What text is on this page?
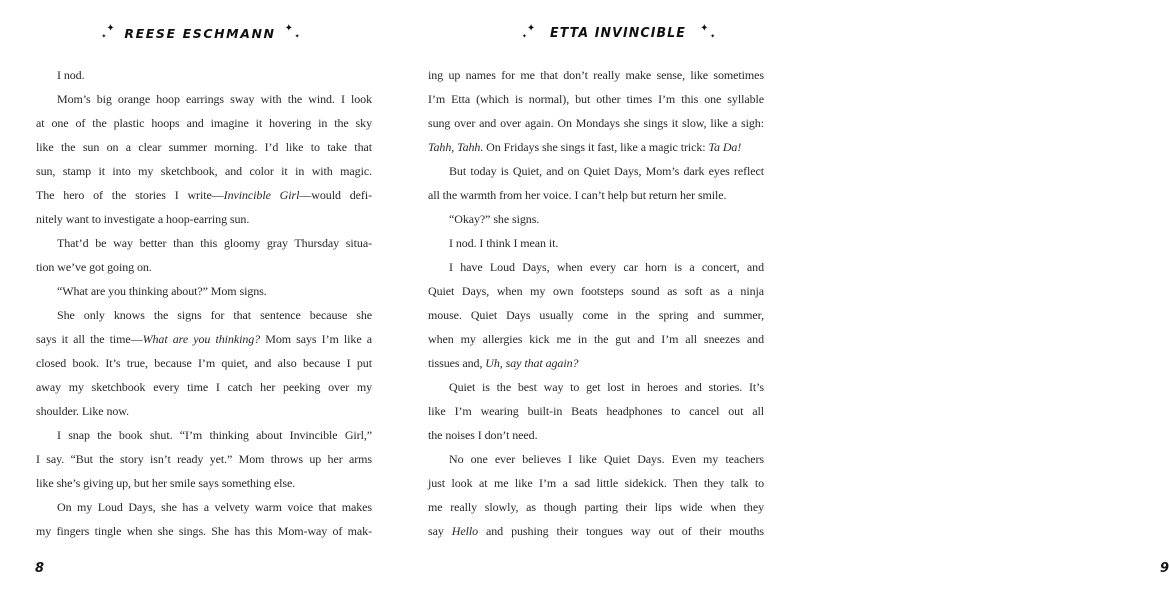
✦
✦ REESE ESCHMANN ✦
✦
8
✦
✦ ETTA INVINCIBLE ✦
✦
9
I nod.
Mom’s big orange hoop earrings sway with the wind. I look
at one of the plastic hoops and imagine it hovering in the sky
like the sun on a clear summer morning. I’d like to take that
sun, stamp it into my sketchbook, and color it in with magic.
The hero of the stories I write—Invincible Girl—would defi-
nitely want to investigate a hoop-earring sun.
That’d be way better than this gloomy gray Thursday situa-
tion we’ve got going on.
“What are you thinking about?” Mom signs.
She only knows the signs for that sentence because she
says it all the time—What are you thinking? Mom says I’m like a
closed book. It’s true, because I’m quiet, and also because I put
away my sketchbook every time I catch her peeking over my
shoulder. Like now.
I snap the book shut. “I’m thinking about Invincible Girl,”
I say. “But the story isn’t ready yet.” Mom throws up her arms
like she’s giving up, but her smile says something else.
On my Loud Days, she has a velvety warm voice that makes
my fingers tingle when she sings. She has this Mom-way of mak-
ing up names for me that don’t really make sense, like sometimes
I’m Etta (which is normal), but other times I’m this one syllable
sung over and over again. On Mondays she sings it slow, like a sigh:
Tahh, Tahh. On Fridays she sings it fast, like a magic trick: Ta Da!
But today is Quiet, and on Quiet Days, Mom’s dark eyes reflect
all the warmth from her voice. I can’t help but return her smile.
“Okay?” she signs.
I nod. I think I mean it.
I have Loud Days, when every car horn is a concert, and
Quiet Days, when my own footsteps sound as soft as a ninja
mouse. Quiet Days usually come in the spring and summer,
when my allergies kick me in the gut and I’m all sneezes and
tissues and, Uh, say that again?
Quiet is the best way to get lost in heroes and stories. It’s
like I’m wearing built-in Beats headphones to cancel out all
the noises I don’t need.
No one ever believes I like Quiet Days. Even my teachers
just look at me like I’m a sad little sidekick. Then they talk to
me really slowly, as though parting their lips wide when they
say Hello and pushing their tongues way out of their mouths
